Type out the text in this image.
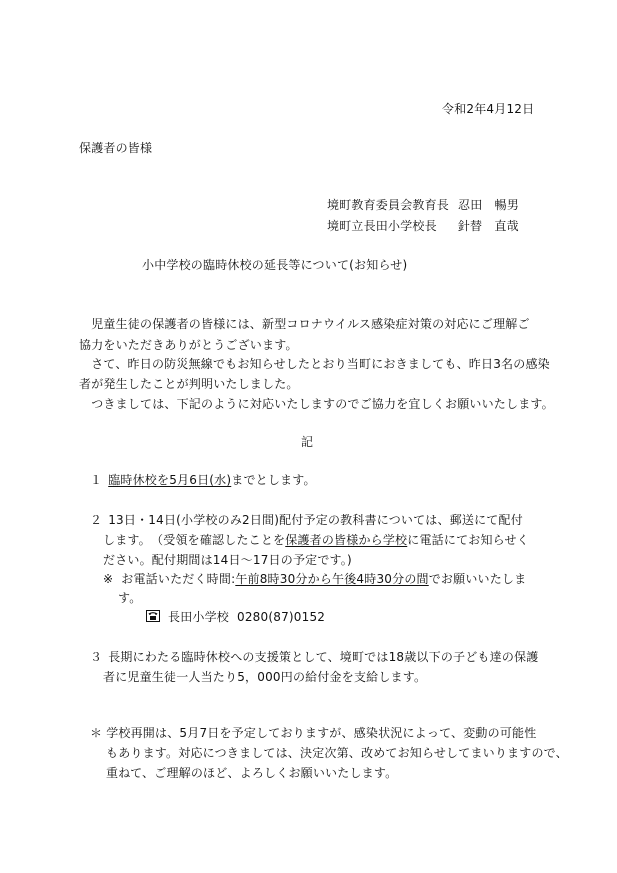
令和2年4月12日
保護者の皆様
境町教育委員会教育長 忍田　暢男
境町立長田小学校長 針替　直哉
小中学校の臨時休校の延長等について(お知らせ)
　児童生徒の保護者の皆様には、新型コロナウイルス感染症対策の対応にご理解ご
協力をいただきありがとうございます。
　さて、昨日の防災無線でもお知らせしたとおり当町におきましても、昨日3名の感染
者が発生したことが判明いたしました。
　つきましては、下記のように対応いたしますのでご協力を宜しくお願いいたします。
記
１ 臨時休校を5月6日(水)までとします。
２ 13日・14日(小学校のみ2日間)配付予定の教科書については、郵送にて配付
します。　（受領を確認したことを保護者の皆様から学校に電話にてお知らせく
ださい。配付期間は14日～17日の予定です。)
※ お電話いただく時間:午前8時30分から午後4時30分の間でお願いいたしま
す。
長田小学校 0280(87)0152
３ 長期にわたる臨時休校への支援策として、境町では18歳以下の子ども達の保護
者に児童生徒一人当たり5，000円の給付金を支給します。
＊ 学校再開は、5月7日を予定しておりますが、感染状況によって、変動の可能性
もあります。対応につきましては、決定次第、改めてお知らせしてまいりますので、
重ねて、ご理解のほど、よろしくお願いいたします。
